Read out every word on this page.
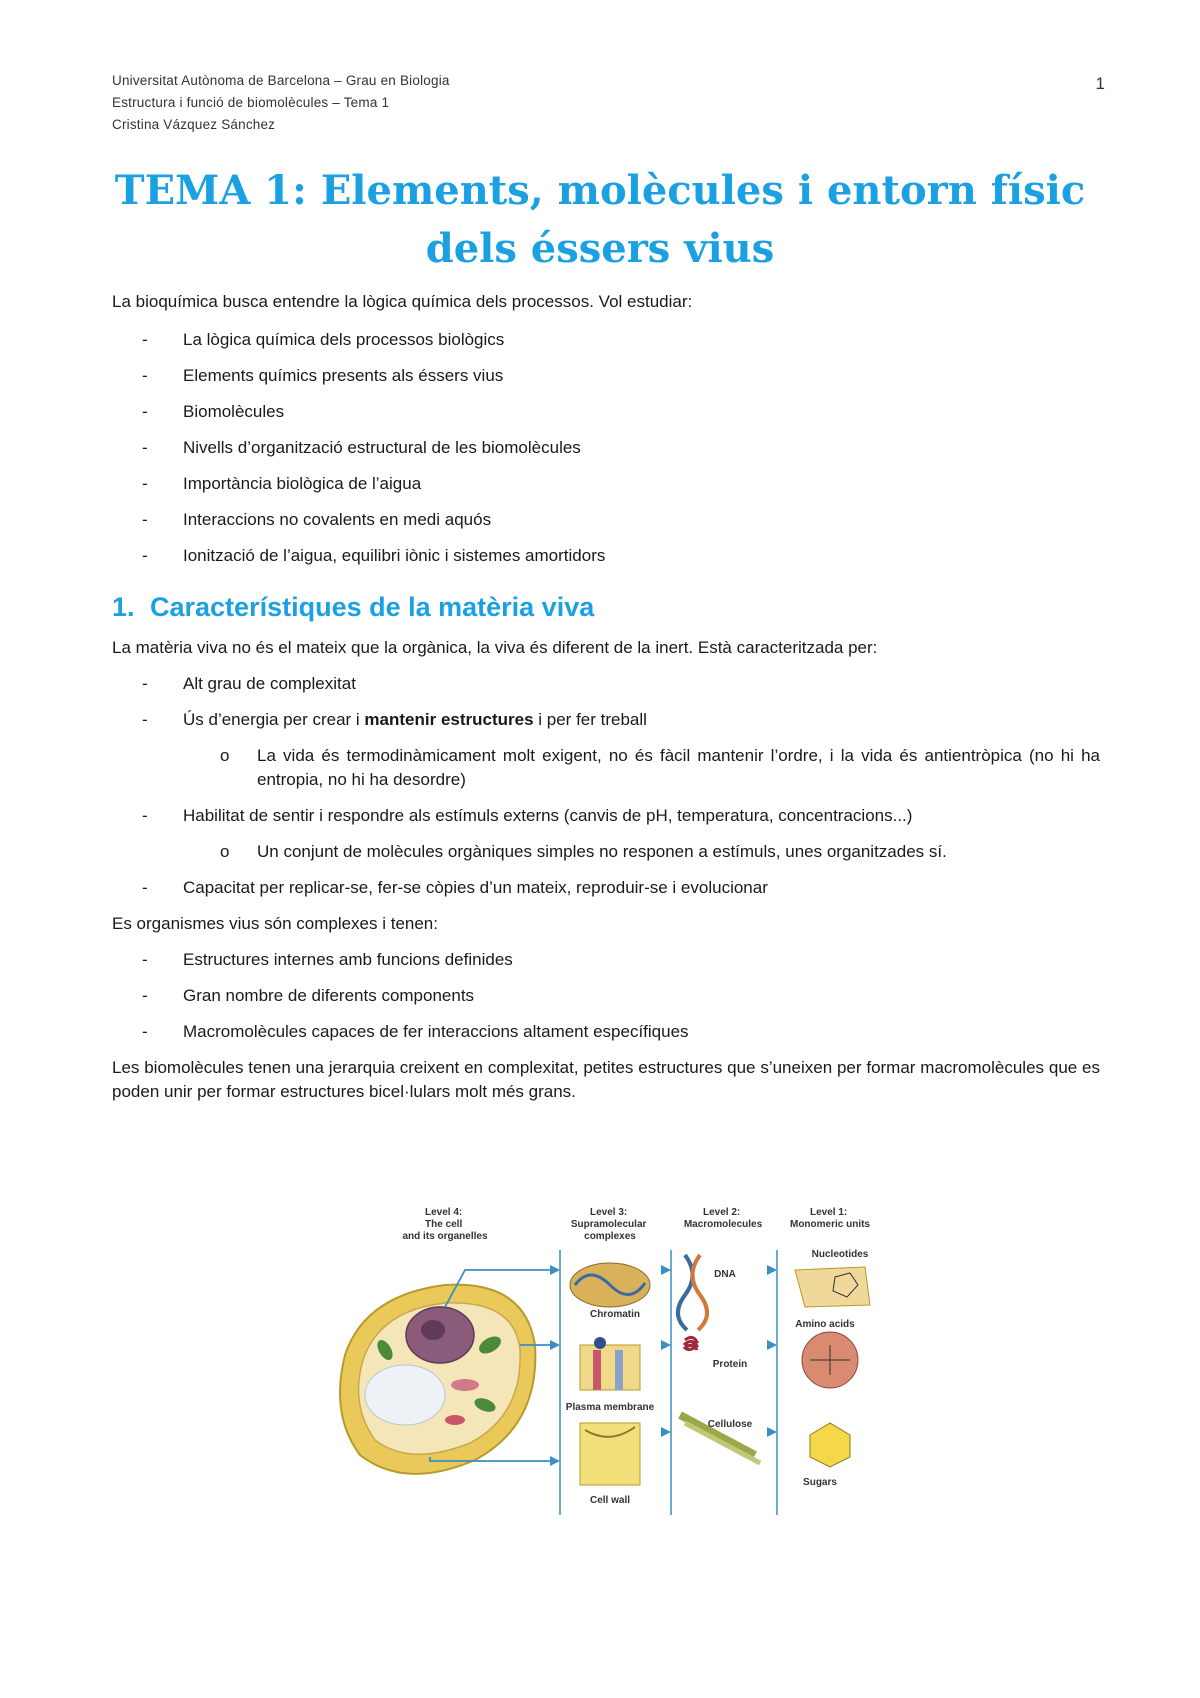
Universitat Autònoma de Barcelona – Grau en Biologia
Estructura i funció de biomolècules – Tema 1
Cristina Vázquez Sánchez
1
TEMA 1: Elements, molècules i entorn físic
dels éssers vius

La bioquímica busca entendre la lògica química dels processos. Vol estudiar:

- La lògica química dels processos biològics
- Elements químics presents als éssers vius
- Biomolècules
- Nivells d’organització estructural de les biomolècules
- Importància biològica de l’aigua
- Interaccions no covalents en medi aquós
- Ionització de l’aigua, equilibri iònic i sistemes amortidors
1. Característiques de la matèria viva

La matèria viva no és el mateix que la orgànica, la viva és diferent de la inert. Està caracteritzada per:

- Alt grau de complexitat
- Ús d’energia per crear i mantenir estructures i per fer treball
o La vida és termodinàmicament molt exigent, no és fàcil mantenir l’ordre, i la vida és antientròpica (no hi ha entropia, no hi ha desordre)
- Habilitat de sentir i respondre als estímuls externs (canvis de pH, temperatura, concentracions...)
o Un conjunt de molècules orgàniques simples no responen a estímuls, unes organitzades sí.
- Capacitat per replicar-se, fer-se còpies d’un mateix, reproduir-se i evolucionar

Es organismes vius són complexes i tenen:

- Estructures internes amb funcions definides
- Gran nombre de diferents components
- Macromolècules capaces de fer interaccions altament específiques

Les biomolècules tenen una jerarquia creixent en complexitat, petites estructures que s’uneixen per formar macromolècules que es poden unir per formar estructures bicel·lulars molt més grans.

Level 4: The cell and its organelles
Level 3: Supramolecular complexes
Level 2: Macromolecules
Level 1: Monomeric units
Chromatin
Plasma membrane
Cell wall
DNA
Protein
Cellulose
Nucleotides
Amino acids
Sugars
